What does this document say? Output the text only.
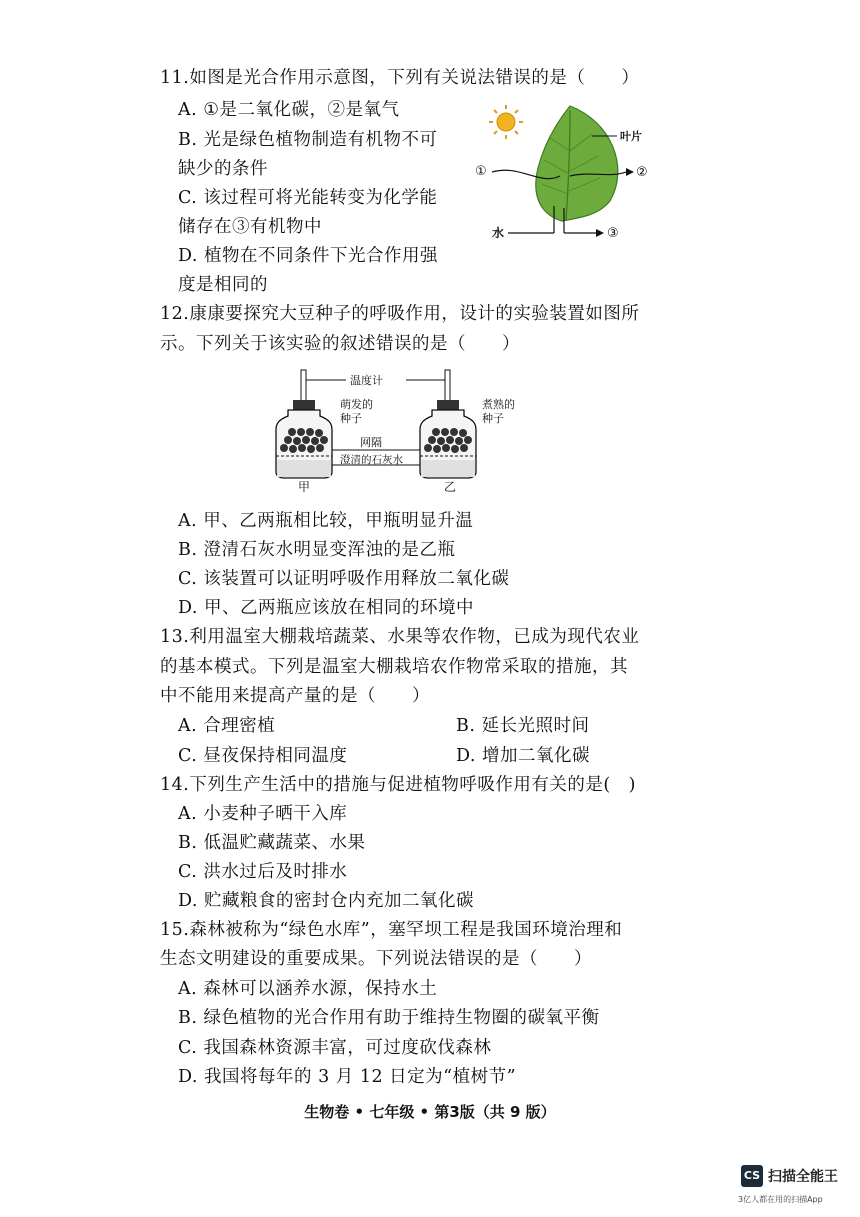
11.如图是光合作用示意图，下列有关说法错误的是（　　）
A. ①是二氧化碳，②是氧气
B. 光是绿色植物制造有机物不可
缺少的条件
C. 该过程可将光能转变为化学能
储存在③有机物中
D. 植物在不同条件下光合作用强
度是相同的
叶片
①	②
水	③
12.康康要探究大豆种子的呼吸作用，设计的实验装置如图所
示。下列关于该实验的叙述错误的是（　　）
温度计
萌发的
种子
煮熟的
种子
网隔
澄清的石灰水
甲	乙
A. 甲、乙两瓶相比较，甲瓶明显升温
B. 澄清石灰水明显变浑浊的是乙瓶
C. 该装置可以证明呼吸作用释放二氧化碳
D. 甲、乙两瓶应该放在相同的环境中
13.利用温室大棚栽培蔬菜、水果等农作物，已成为现代农业
的基本模式。下列是温室大棚栽培农作物常采取的措施，其
中不能用来提高产量的是（　　）
A. 合理密植	B. 延长光照时间
C. 昼夜保持相同温度	D. 增加二氧化碳
14.下列生产生活中的措施与促进植物呼吸作用有关的是(　)
A. 小麦种子晒干入库
B. 低温贮藏蔬菜、水果
C. 洪水过后及时排水
D. 贮藏粮食的密封仓内充加二氧化碳
15.森林被称为“绿色水库”，塞罕坝工程是我国环境治理和
生态文明建设的重要成果。下列说法错误的是（　　）
A. 森林可以涵养水源，保持水土
B. 绿色植物的光合作用有助于维持生物圈的碳氧平衡
C. 我国森林资源丰富，可过度砍伐森林
D. 我国将每年的 3 月 12 日定为“植树节”
生物卷 • 七年级 • 第3版（共 9 版）
CS 扫描全能王
3亿人都在用的扫描App
